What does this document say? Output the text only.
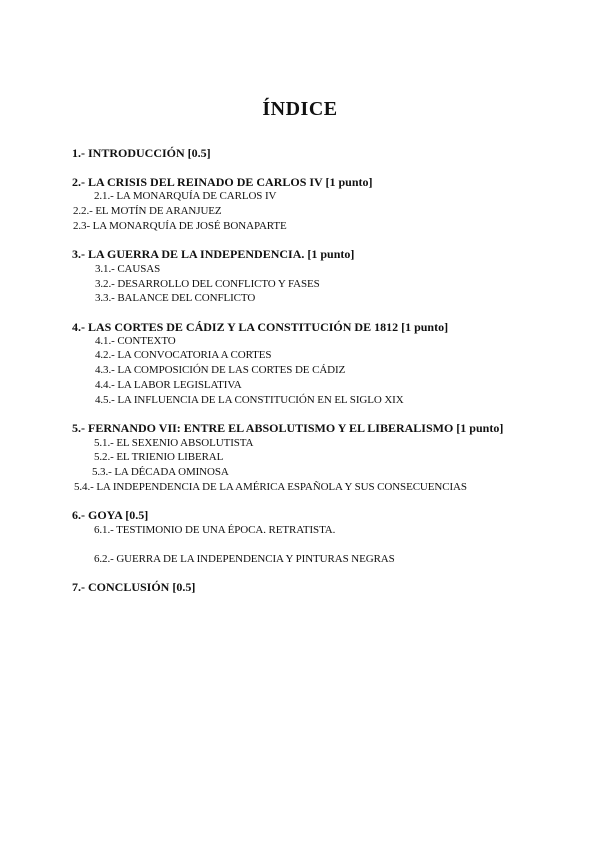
ÍNDICE
1.- INTRODUCCIÓN [0.5]
2.- LA CRISIS DEL REINADO DE CARLOS IV [1 punto]
2.1.- LA MONARQUÍA DE CARLOS IV
2.2.- EL MOTÍN DE ARANJUEZ
2.3- LA MONARQUÍA DE JOSÉ BONAPARTE
3.- LA GUERRA DE LA INDEPENDENCIA. [1 punto]
3.1.- CAUSAS
3.2.- DESARROLLO DEL CONFLICTO Y FASES
3.3.- BALANCE DEL CONFLICTO
4.- LAS CORTES DE CÁDIZ Y LA CONSTITUCIÓN DE 1812 [1 punto]
4.1.- CONTEXTO
4.2.- LA CONVOCATORIA A CORTES
4.3.- LA COMPOSICIÓN DE LAS CORTES DE CÁDIZ
4.4.- LA LABOR LEGISLATIVA
4.5.- LA INFLUENCIA DE LA CONSTITUCIÓN EN EL SIGLO XIX
5.- FERNANDO VII: ENTRE EL ABSOLUTISMO Y EL LIBERALISMO [1 punto]
5.1.- EL SEXENIO ABSOLUTISTA
5.2.- EL TRIENIO LIBERAL
5.3.- LA DÉCADA OMINOSA
5.4.- LA INDEPENDENCIA DE LA AMÉRICA ESPAÑOLA Y SUS CONSECUENCIAS
6.- GOYA [0.5]
6.1.- TESTIMONIO DE UNA ÉPOCA. RETRATISTA.
6.2.- GUERRA DE LA INDEPENDENCIA Y PINTURAS NEGRAS
7.- CONCLUSIÓN [0.5]
